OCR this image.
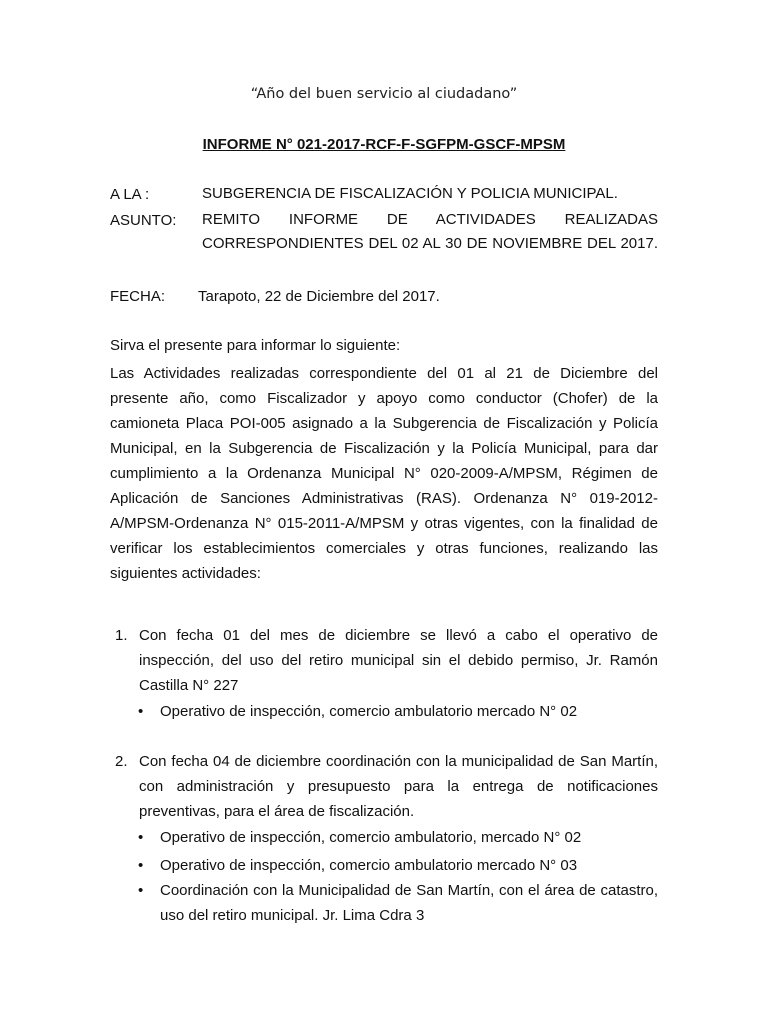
“Año del buen servicio al ciudadano”
INFORME N° 021-2017-RCF-F-SGFPM-GSCF-MPSM
A LA :	SUBGERENCIA DE FISCALIZACIÓN Y POLICIA MUNICIPAL.
ASUNTO: REMITO INFORME DE ACTIVIDADES REALIZADAS CORRESPONDIENTES DEL 02 AL 30 DE NOVIEMBRE DEL 2017.
FECHA: Tarapoto, 22 de Diciembre del 2017.
Sirva el presente para informar lo siguiente:
Las Actividades realizadas correspondiente del 01 al 21 de Diciembre del presente año, como Fiscalizador y apoyo como conductor (Chofer) de la camioneta Placa POI-005 asignado a la Subgerencia de Fiscalización y Policía Municipal, en la Subgerencia de Fiscalización y la Policía Municipal, para dar cumplimiento a la Ordenanza Municipal N° 020-2009-A/MPSM, Régimen de Aplicación de Sanciones Administrativas (RAS). Ordenanza N° 019-2012-A/MPSM-Ordenanza N° 015-2011-A/MPSM y otras vigentes, con la finalidad de verificar los establecimientos comerciales y otras funciones, realizando las siguientes actividades:
1. Con fecha 01 del mes de diciembre se llevó a cabo el operativo de inspección, del uso del retiro municipal sin el debido permiso, Jr. Ramón Castilla N° 227
• Operativo de inspección, comercio ambulatorio mercado N° 02
2. Con fecha 04 de diciembre coordinación con la municipalidad de San Martín, con administración y presupuesto para la entrega de notificaciones preventivas, para el área de fiscalización.
• Operativo de inspección, comercio ambulatorio, mercado N° 02
• Operativo de inspección, comercio ambulatorio mercado N° 03
• Coordinación con la Municipalidad de San Martín, con el área de catastro, uso del retiro municipal. Jr. Lima Cdra 3
